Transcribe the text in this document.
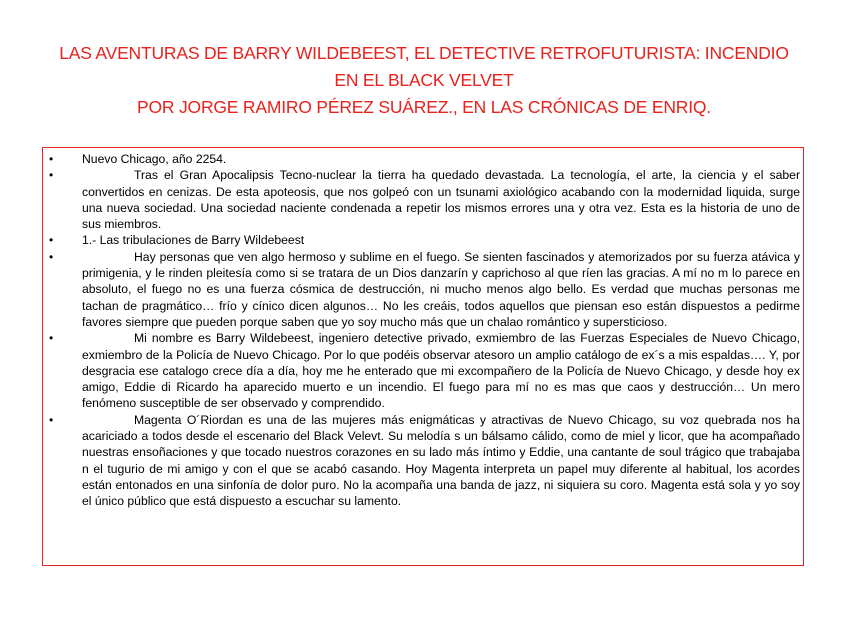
LAS AVENTURAS DE BARRY WILDEBEEST, EL DETECTIVE RETROFUTURISTA: INCENDIO
EN EL BLACK VELVET
POR JORGE RAMIRO PÉREZ SUÁREZ., EN LAS CRÓNICAS DE ENRIQ.
• Nuevo Chicago, año 2254.
•	Tras el Gran Apocalipsis Tecno-nuclear la tierra ha quedado devastada. La tecnología, el arte, la ciencia y el saber convertidos en cenizas. De esta apoteosis, que nos golpeó con un tsunami axiológico acabando con la modernidad liquida, surge una nueva sociedad. Una sociedad naciente condenada a repetir los mismos errores una y otra vez. Esta es la historia de uno de sus miembros.
• 1.- Las tribulaciones de Barry Wildebeest
•	Hay personas que ven algo hermoso y sublime en el fuego. Se sienten fascinados y atemorizados por su fuerza atávica y primigenia, y le rinden pleitesía como si se tratara de un Dios danzarín y caprichoso al que ríen las gracias. A mí no m lo parece en absoluto, el fuego no es una fuerza cósmica de destrucción, ni mucho menos algo bello. Es verdad que muchas personas me tachan de pragmático… frío y cínico dicen algunos… No les creáis, todos aquellos que piensan eso están dispuestos a pedirme favores siempre que pueden porque saben que yo soy mucho más que un chalao romántico y supersticioso.
•	Mi nombre es Barry Wildebeest, ingeniero detective privado, exmiembro de las Fuerzas Especiales de Nuevo Chicago, exmiembro de la Policía de Nuevo Chicago. Por lo que podéis observar atesoro un amplio catálogo de ex´s a mis espaldas…. Y, por desgracia ese catalogo crece día a día, hoy me he enterado que mi excompañero de la Policía de Nuevo Chicago, y desde hoy ex amigo, Eddie di Ricardo ha aparecido muerto e un incendio. El fuego para mí no es mas que caos y destrucción… Un mero fenómeno susceptible de ser observado y comprendido.
•	Magenta O´Riordan es una de las mujeres más enigmáticas y atractivas de Nuevo Chicago, su voz quebrada nos ha acariciado a todos desde el escenario del Black Velevt. Su melodía s un bálsamo cálido, como de miel y licor, que ha acompañado nuestras ensoñaciones y que tocado nuestros corazones en su lado más íntimo y Eddie, una cantante de soul trágico que trabajaba n el tugurio de mi amigo y con el que se acabó casando. Hoy Magenta interpreta un papel muy diferente al habitual, los acordes están entonados en una sinfonía de dolor puro. No la acompaña una banda de jazz, ni siquiera su coro. Magenta está sola y yo soy el único público que está dispuesto a escuchar su lamento.
